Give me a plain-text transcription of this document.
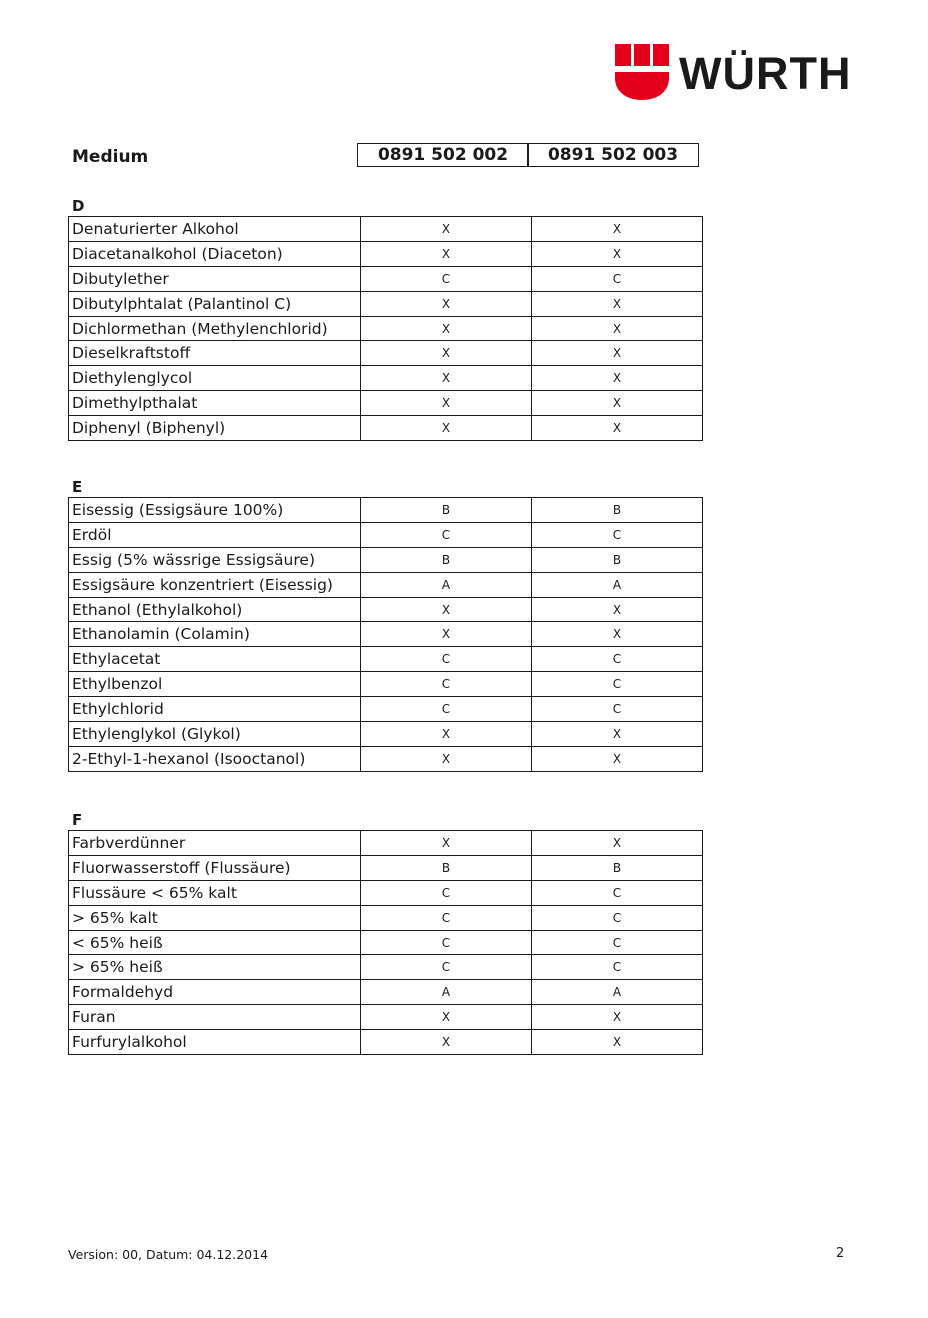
WÜRTH
Medium	0891 502 002	0891 502 003
D
Denaturierter Alkohol	X	X
Diacetanalkohol (Diaceton)	X	X
Dibutylether	C	C
Dibutylphtalat (Palantinol C)	X	X
Dichlormethan (Methylenchlorid)	X	X
Dieselkraftstoff	X	X
Diethylenglycol	X	X
Dimethylpthalat	X	X
Diphenyl (Biphenyl)	X	X
E
Eisessig (Essigsäure 100%)	B	B
Erdöl	C	C
Essig (5% wässrige Essigsäure)	B	B
Essigsäure konzentriert (Eisessig)	A	A
Ethanol (Ethylalkohol)	X	X
Ethanolamin (Colamin)	X	X
Ethylacetat	C	C
Ethylbenzol	C	C
Ethylchlorid	C	C
Ethylenglykol (Glykol)	X	X
2-Ethyl-1-hexanol (Isooctanol)	X	X
F
Farbverdünner	X	X
Fluorwasserstoff (Flussäure)	B	B
Flussäure < 65% kalt	C	C
> 65% kalt	C	C
< 65% heiß	C	C
> 65% heiß	C	C
Formaldehyd	A	A
Furan	X	X
Furfurylalkohol	X	X
Version: 00, Datum: 04.12.2014	2
